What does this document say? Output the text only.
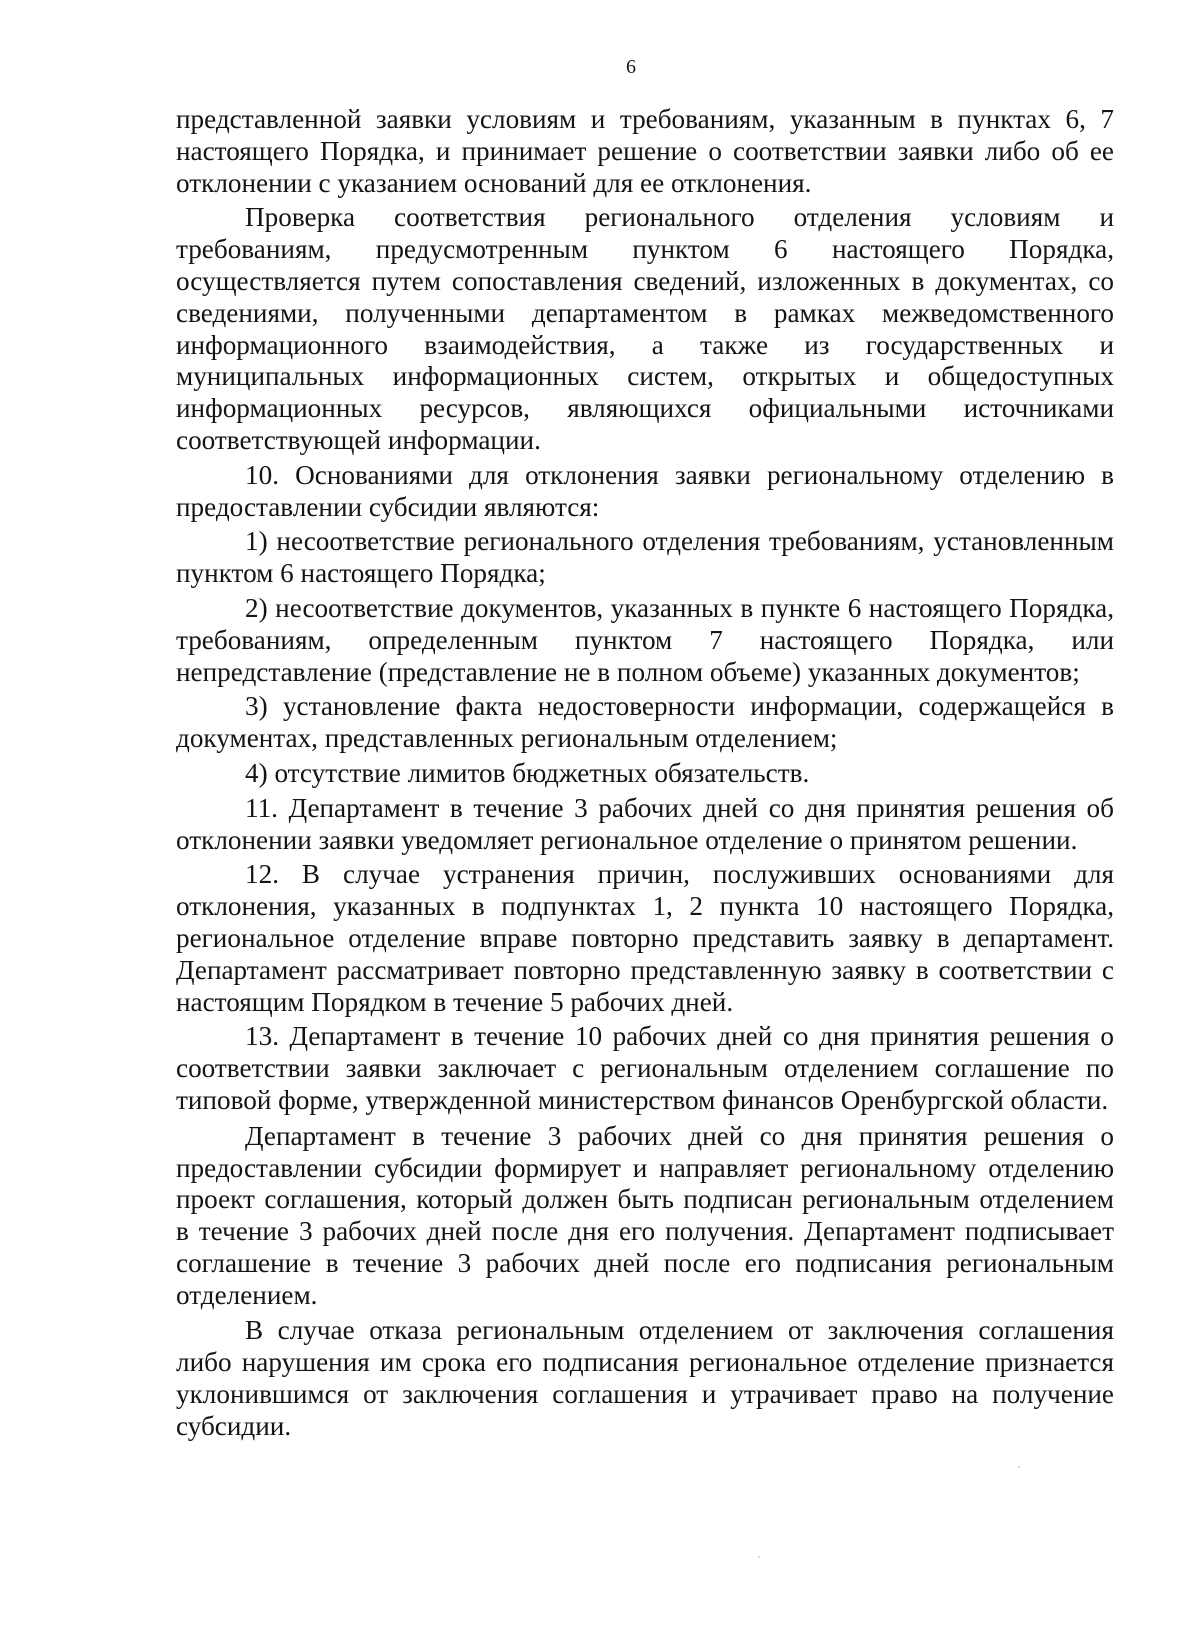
6

представленной заявки условиям и требованиям, указанным в пунктах 6, 7 настоящего Порядка, и принимает решение о соответствии заявки либо об ее отклонении с указанием оснований для ее отклонения.

Проверка соответствия регионального отделения условиям и требованиям, предусмотренным пунктом 6 настоящего Порядка, осуществляется путем сопоставления сведений, изложенных в документах, со сведениями, полученными департаментом в рамках межведомственного информационного взаимодействия, а также из государственных и муниципальных информационных систем, открытых и общедоступных информационных ресурсов, являющихся официальными источниками соответствующей информации.

10. Основаниями для отклонения заявки региональному отделению в предоставлении субсидии являются:

1) несоответствие регионального отделения требованиям, установленным пунктом 6 настоящего Порядка;

2) несоответствие документов, указанных в пункте 6 настоящего Порядка, требованиям, определенным пунктом 7 настоящего Порядка, или непредставление (представление не в полном объеме) указанных документов;

3) установление факта недостоверности информации, содержащейся в документах, представленных региональным отделением;

4) отсутствие лимитов бюджетных обязательств.

11. Департамент в течение 3 рабочих дней со дня принятия решения об отклонении заявки уведомляет региональное отделение о принятом решении.

12. В случае устранения причин, послуживших основаниями для отклонения, указанных в подпунктах 1, 2 пункта 10 настоящего Порядка, региональное отделение вправе повторно представить заявку в департамент. Департамент рассматривает повторно представленную заявку в соответствии с настоящим Порядком в течение 5 рабочих дней.

13. Департамент в течение 10 рабочих дней со дня принятия решения о соответствии заявки заключает с региональным отделением соглашение по типовой форме, утвержденной министерством финансов Оренбургской области.

Департамент в течение 3 рабочих дней со дня принятия решения о предоставлении субсидии формирует и направляет региональному отделению проект соглашения, который должен быть подписан региональным отделением в течение 3 рабочих дней после дня его получения. Департамент подписывает соглашение в течение 3 рабочих дней после его подписания региональным отделением.

В случае отказа региональным отделением от заключения соглашения либо нарушения им срока его подписания региональное отделение признается уклонившимся от заключения соглашения и утрачивает право на получение субсидии.
